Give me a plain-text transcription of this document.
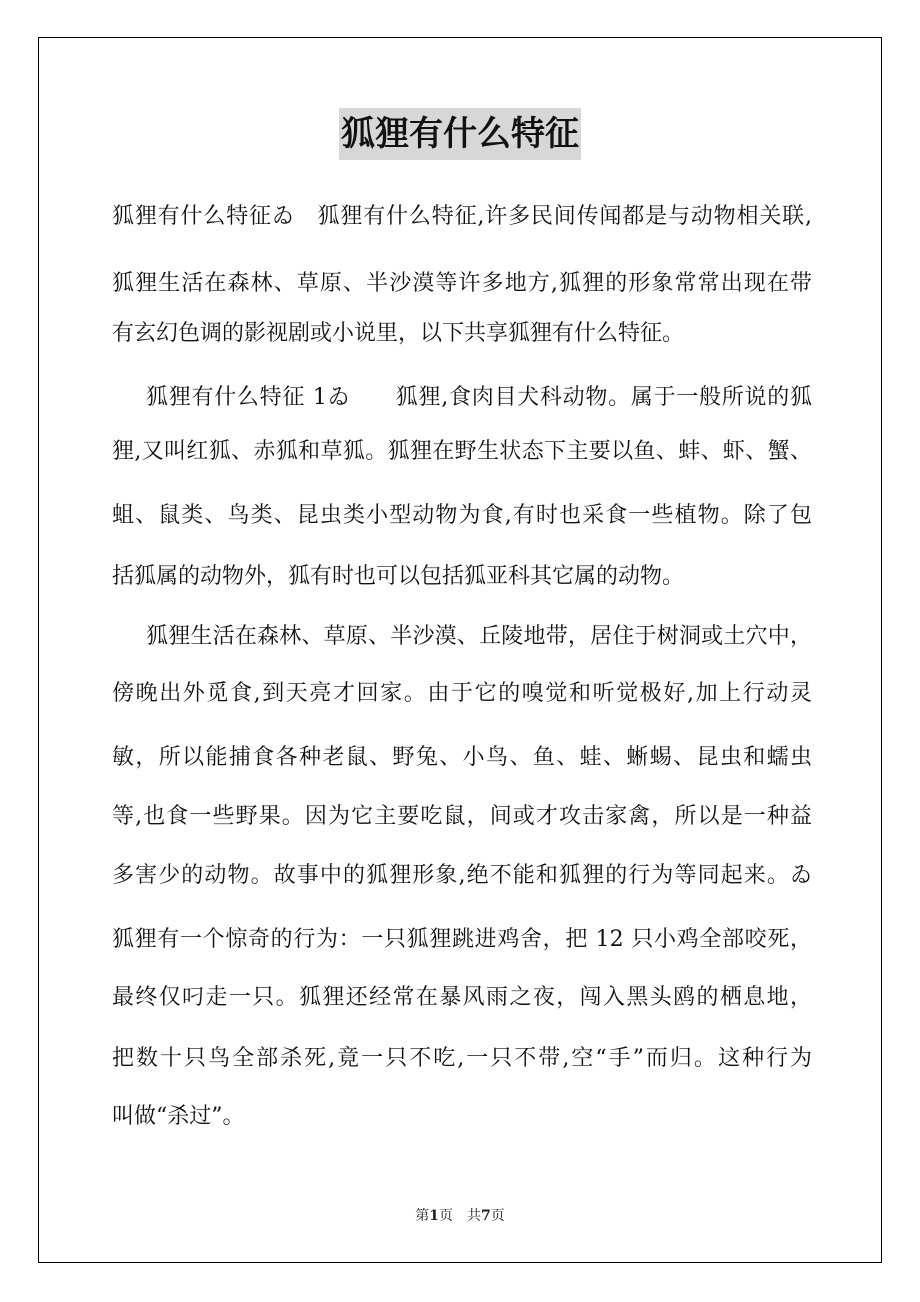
狐狸有什么特征
狐狸有什么特征ゐ　狐狸有什么特征,许多民间传闻都是与动物相关联,
狐狸生活在森林、草原、半沙漠等许多地方,狐狸的形象常常出现在带
有玄幻色调的影视剧或小说里，以下共享狐狸有什么特征。
狐狸有什么特征 1ゐ　　狐狸,食肉目犬科动物。属于一般所说的狐
狸,又叫红狐、赤狐和草狐。狐狸在野生状态下主要以鱼、蚌、虾、蟹、
蛆、鼠类、鸟类、昆虫类小型动物为食,有时也采食一些植物。除了包
括狐属的动物外，狐有时也可以包括狐亚科其它属的动物。
狐狸生活在森林、草原、半沙漠、丘陵地带，居住于树洞或土穴中，
傍晚出外觅食,到天亮才回家。由于它的嗅觉和听觉极好,加上行动灵
敏，所以能捕食各种老鼠、野兔、小鸟、鱼、蛙、蜥蜴、昆虫和蠕虫
等,也食一些野果。因为它主要吃鼠，间或才攻击家禽，所以是一种益
多害少的动物。故事中的狐狸形象,绝不能和狐狸的行为等同起来。ゐ
狐狸有一个惊奇的行为：一只狐狸跳进鸡舍，把 12 只小鸡全部咬死，
最终仅叼走一只。狐狸还经常在暴风雨之夜，闯入黑头鸥的栖息地，
把数十只鸟全部杀死,竟一只不吃,一只不带,空“手”而归。这种行为
叫做“杀过”。
第1页　共7页
